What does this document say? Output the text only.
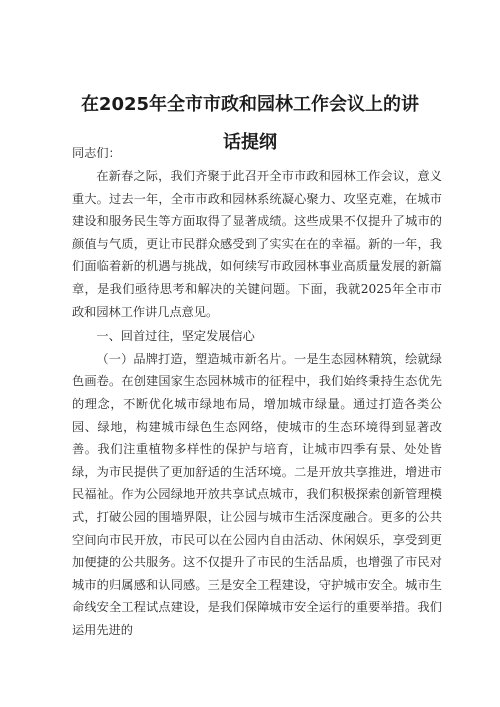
在2025年全市市政和园林工作会议上的讲
话提纲
同志们：

在新春之际，我们齐聚于此召开全市市政和园林工作会议，意义重大。过去一年，全市市政和园林系统凝心聚力、攻坚克难，在城市建设和服务民生等方面取得了显著成绩。这些成果不仅提升了城市的颜值与气质，更让市民群众感受到了实实在在的幸福。新的一年，我们面临着新的机遇与挑战，如何续写市政园林事业高质量发展的新篇章，是我们亟待思考和解决的关键问题。下面，我就2025年全市市政和园林工作讲几点意见。

一、回首过往，坚定发展信心

（一）品牌打造，塑造城市新名片。一是生态园林精筑，绘就绿色画卷。在创建国家生态园林城市的征程中，我们始终秉持生态优先的理念，不断优化城市绿地布局，增加城市绿量。通过打造各类公园、绿地，构建城市绿色生态网络，使城市的生态环境得到显著改善。我们注重植物多样性的保护与培育，让城市四季有景、处处皆绿，为市民提供了更加舒适的生活环境。二是开放共享推进，增进市民福祉。作为公园绿地开放共享试点城市，我们积极探索创新管理模式，打破公园的围墙界限，让公园与城市生活深度融合。更多的公共空间向市民开放，市民可以在公园内自由活动、休闲娱乐，享受到更加便捷的公共服务。这不仅提升了市民的生活品质，也增强了市民对城市的归属感和认同感。三是安全工程建设，守护城市安全。城市生命线安全工程试点建设，是我们保障城市安全运行的重要举措。我们运用先进的
